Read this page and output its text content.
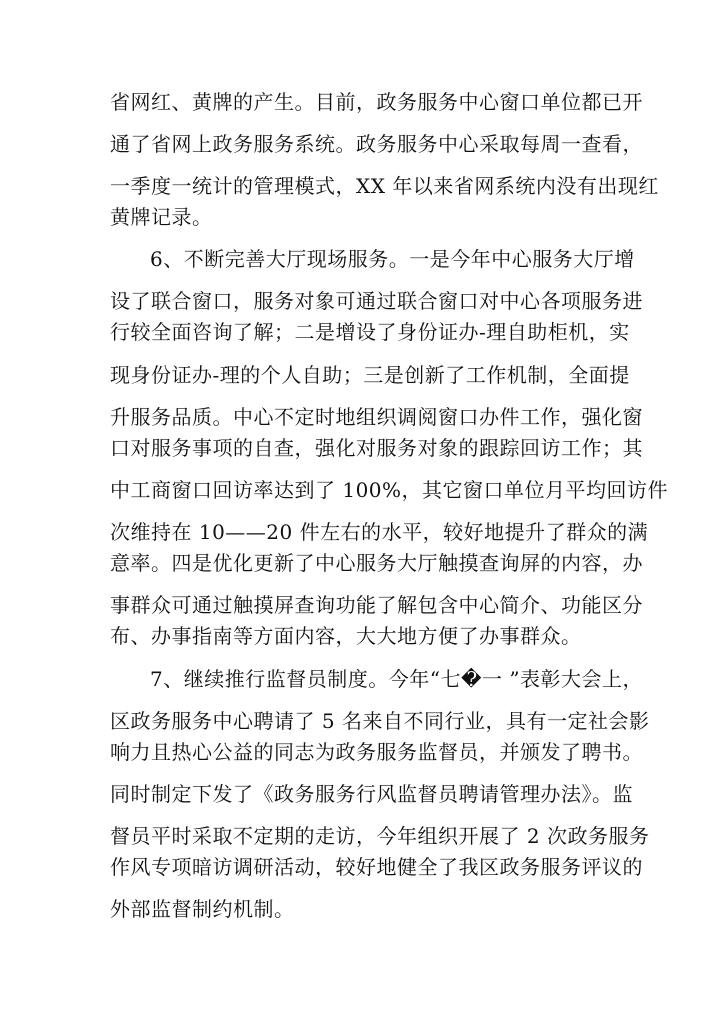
省网红、黄牌的产生。目前，政务服务中心窗口单位都已开
通了省网上政务服务系统。政务服务中心采取每周一查看，
一季度一统计的管理模式，XX 年以来省网系统内没有出现红
黄牌记录。
6、不断完善大厅现场服务。一是今年中心服务大厅增
设了联合窗口，服务对象可通过联合窗口对中心各项服务进
行较全面咨询了解；二是增设了身份证办-理自助柜机，实
现身份证办-理的个人自助；三是创新了工作机制，全面提
升服务品质。中心不定时地组织调阅窗口办件工作，强化窗
口对服务事项的自查，强化对服务对象的跟踪回访工作；其
中工商窗口回访率达到了 100%，其它窗口单位月平均回访件
次维持在 10——20 件左右的水平，较好地提升了群众的满
意率。四是优化更新了中心服务大厅触摸查询屏的内容，办
事群众可通过触摸屏查询功能了解包含中心简介、功能区分
布、办事指南等方面内容，大大地方便了办事群众。
7、继续推行监督员制度。今年“七�一 ”表彰大会上，
区政务服务中心聘请了 5 名来自不同行业，具有一定社会影
响力且热心公益的同志为政务服务监督员，并颁发了聘书。
同时制定下发了《政务服务行风监督员聘请管理办法》。监
督员平时采取不定期的走访，今年组织开展了 2 次政务服务
作风专项暗访调研活动，较好地健全了我区政务服务评议的
外部监督制约机制。
